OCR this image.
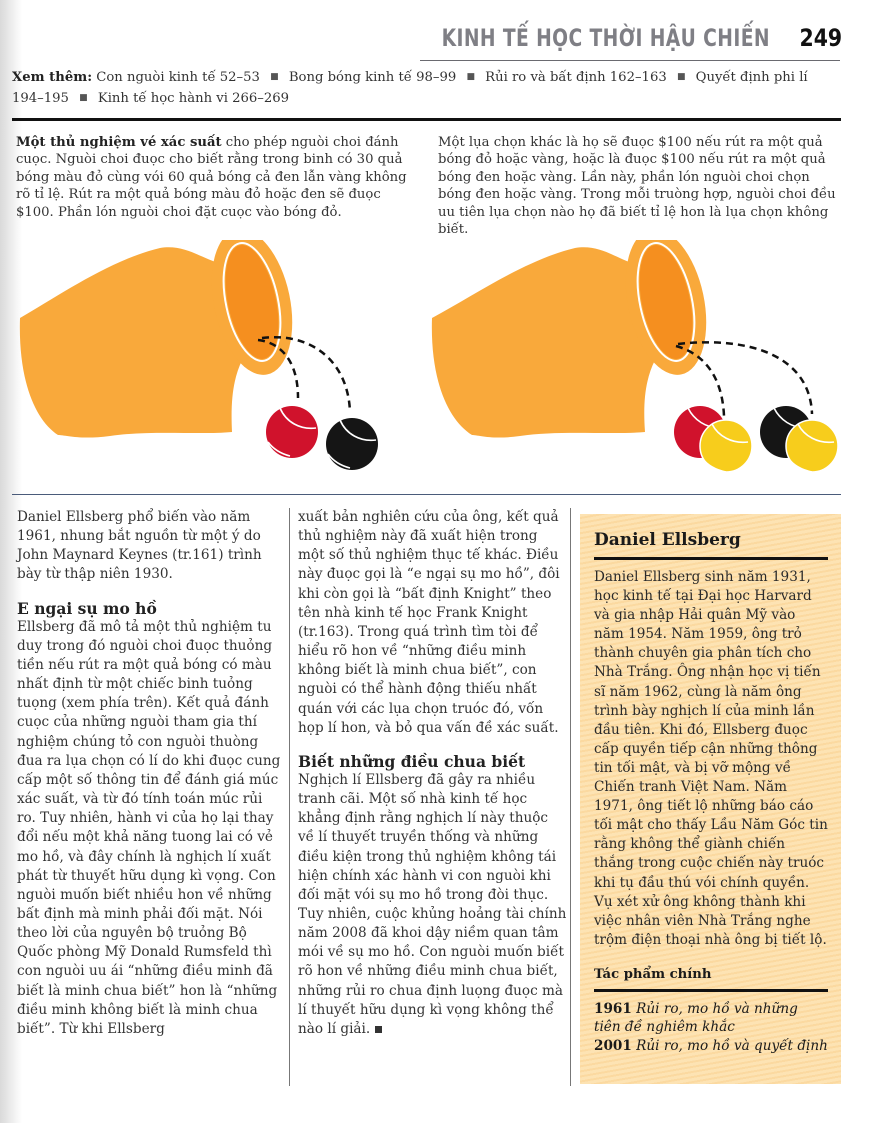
KINH TẾ HỌC THỜI HẬU CHIẾN 249
Xem thêm: Con nguòi kinh tế 52–53 ■ Bong bóng kinh tế 98–99 ■ Rủi ro và bất định 162–163 ■ Quyết định phi lí 194–195 ■ Kinh tế học hành vi 266–269
Một thủ nghiệm vé xác suất cho phép nguòi choi đánh cuọc. Nguòi choi đuọc cho biết rằng trong binh có 30 quả bóng màu đỏ cùng vói 60 quả bóng cả đen lẫn vàng không rõ tỉ lệ. Rút ra một quả bóng màu đỏ hoặc đen sẽ đuọc $100. Phần lón nguòi choi đặt cuọc vào bóng đỏ.
Một lụa chọn khác là họ sẽ đuọc $100 nếu rút ra một quả bóng đỏ hoặc vàng, hoặc là đuọc $100 nếu rút ra một quả bóng đen hoặc vàng. Lần này, phần lón nguòi choi chọn bóng đen hoặc vàng. Trong mỗi truòng hợp, nguòi choi đều uu tiên lụa chọn nào họ đã biết tỉ lệ hon là lụa chọn không biết.

Daniel Ellsberg phổ biến vào năm 1961, nhung bắt nguồn từ một ý do John Maynard Keynes (tr.161) trình bày từ thập niên 1930.

E ngại sụ mo hồ

Ellsberg đã mô tả một thủ nghiệm tu duy trong đó nguòi choi đuọc thuỏng tiền nếu rút ra một quả bóng có màu nhất định từ một chiếc binh tuỏng tuọng (xem phía trên). Kết quả đánh cuọc của những nguòi tham gia thí nghiệm chúng tỏ con nguòi thuòng đua ra lụa chọn có lí do khi đuọc cung cấp một số thông tin để đánh giá múc xác suất, và từ đó tính toán múc rủi ro. Tuy nhiên, hành vi của họ lại thay đổi nếu một khả năng tuong lai có vẻ mo hồ, và đây chính là nghịch lí xuất phát từ thuyết hữu dụng kì vọng. Con nguòi muốn biết nhiều hon về những bất định mà minh phải đối mặt. Nói theo lời của nguyên bộ truỏng Bộ Quốc phòng Mỹ Donald Rumsfeld thì con nguòi uu ái “những điều minh đã biết là minh chua biết” hon là “những điều minh không biết là minh chua biết”. Từ khi Ellsberg

xuất bản nghiên cứu của ông, kết quả thủ nghiệm này đã xuất hiện trong một số thủ nghiệm thục tế khác. Điều này đuọc gọi là “e ngại sụ mo hồ”, đôi khi còn gọi là “bất định Knight” theo tên nhà kinh tế học Frank Knight (tr.163). Trong quá trình tìm tòi để hiểu rõ hon về “những điều minh không biết là minh chua biết”, con nguòi có thể hành động thiếu nhất quán với các lụa chọn truóc đó, vốn họp lí hon, và bỏ qua vấn đề xác suất.

Biết những điều chua biết

Nghịch lí Ellsberg đã gây ra nhiều tranh cãi. Một số nhà kinh tế học khẳng định rằng nghịch lí này thuộc về lí thuyết truyền thống và những điều kiện trong thủ nghiệm không tái hiện chính xác hành vi con nguòi khi đối mặt vói sụ mo hồ trong đòi thục. Tuy nhiên, cuộc khủng hoảng tài chính năm 2008 đã khoi dậy niềm quan tâm mói về sụ mo hồ. Con nguòi muốn biết rõ hon về những điều minh chua biết, những rủi ro chua định luọng đuọc mà lí thuyết hữu dụng kì vọng không thể nào lí giải.

Daniel Ellsberg

Daniel Ellsberg sinh năm 1931, học kinh tế tại Đại học Harvard và gia nhập Hải quân Mỹ vào năm 1954. Năm 1959, ông trỏ thành chuyên gia phân tích cho Nhà Trắng. Ông nhận học vị tiến sĩ năm 1962, cùng là năm ông trình bày nghịch lí của minh lần đầu tiên. Khi đó, Ellsberg đuọc cấp quyền tiếp cận những thông tin tối mật, và bị vỡ mộng về Chiến tranh Việt Nam. Năm 1971, ông tiết lộ những báo cáo tối mật cho thấy Lầu Năm Góc tin rằng không thể giành chiến thắng trong cuộc chiến này truóc khi tụ đầu thú vói chính quyền. Vụ xét xử ông không thành khi việc nhân viên Nhà Trắng nghe trộm điện thoại nhà ông bị tiết lộ.

Tác phẩm chính
1961 Rủi ro, mo hồ và những tiên đề nghiêm khắc
2001 Rủi ro, mo hồ và quyết định
